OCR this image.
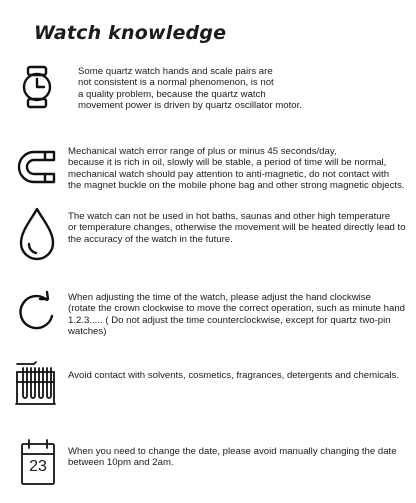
Watch knowledge
Some quartz watch hands and scale pairs are
not consistent is a normal phenomenon, is not
a quality problem, because the quartz watch
movement power is driven by quartz oscillator motor.
Mechanical watch error range of plus or minus 45 seconds/day,
because it is rich in oil, slowly will be stable, a period of time will be normal,
mechanical watch should pay attention to anti-magnetic, do not contact with
the magnet buckle on the mobile phone bag and other strong magnetic objects.
The watch can not be used in hot baths, saunas and other high temperature
or temperature changes, otherwise the movement will be heated directly lead to
the accuracy of the watch in the future.
When adjusting the time of the watch, please adjust the hand clockwise
(rotate the crown clockwise to move the correct operation, such as minute hand
1.2.3..... ( Do not adjust the time counterclockwise, except for quartz two-pin
watches)
Avoid contact with solvents, cosmetics, fragrances, detergents and chemicals.
23
When you need to change the date, please avoid manually changing the date
between 10pm and 2am.
